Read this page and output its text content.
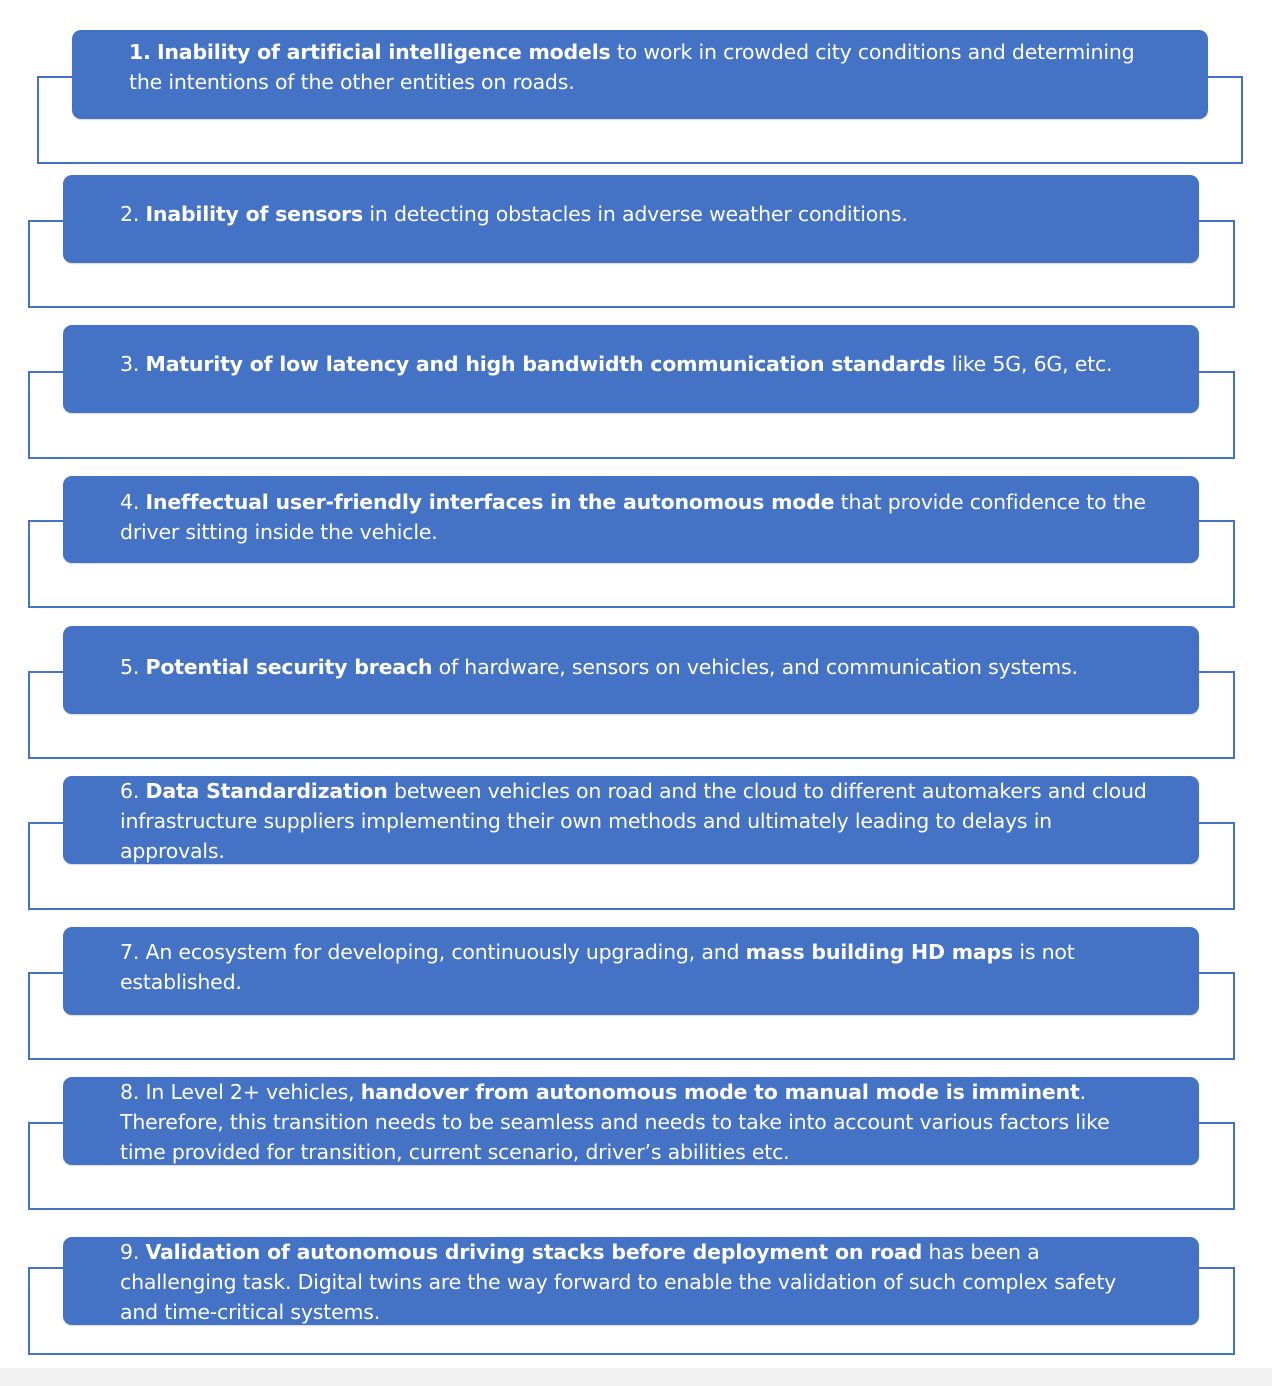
1. Inability of artificial intelligence models to work in crowded city conditions and determining the intentions of the other entities on roads.
2. Inability of sensors in detecting obstacles in adverse weather conditions.
3. Maturity of low latency and high bandwidth communication standards like 5G, 6G, etc.
4. Ineffectual user-friendly interfaces in the autonomous mode that provide confidence to the driver sitting inside the vehicle.
5. Potential security breach of hardware, sensors on vehicles, and communication systems.
6. Data Standardization between vehicles on road and the cloud to different automakers and cloud infrastructure suppliers implementing their own methods and ultimately leading to delays in approvals.
7. An ecosystem for developing, continuously upgrading, and mass building HD maps is not established.
8. In Level 2+ vehicles, handover from autonomous mode to manual mode is imminent. Therefore, this transition needs to be seamless and needs to take into account various factors like time provided for transition, current scenario, driver’s abilities etc.
9. Validation of autonomous driving stacks before deployment on road has been a challenging task. Digital twins are the way forward to enable the validation of such complex safety and time-critical systems.
